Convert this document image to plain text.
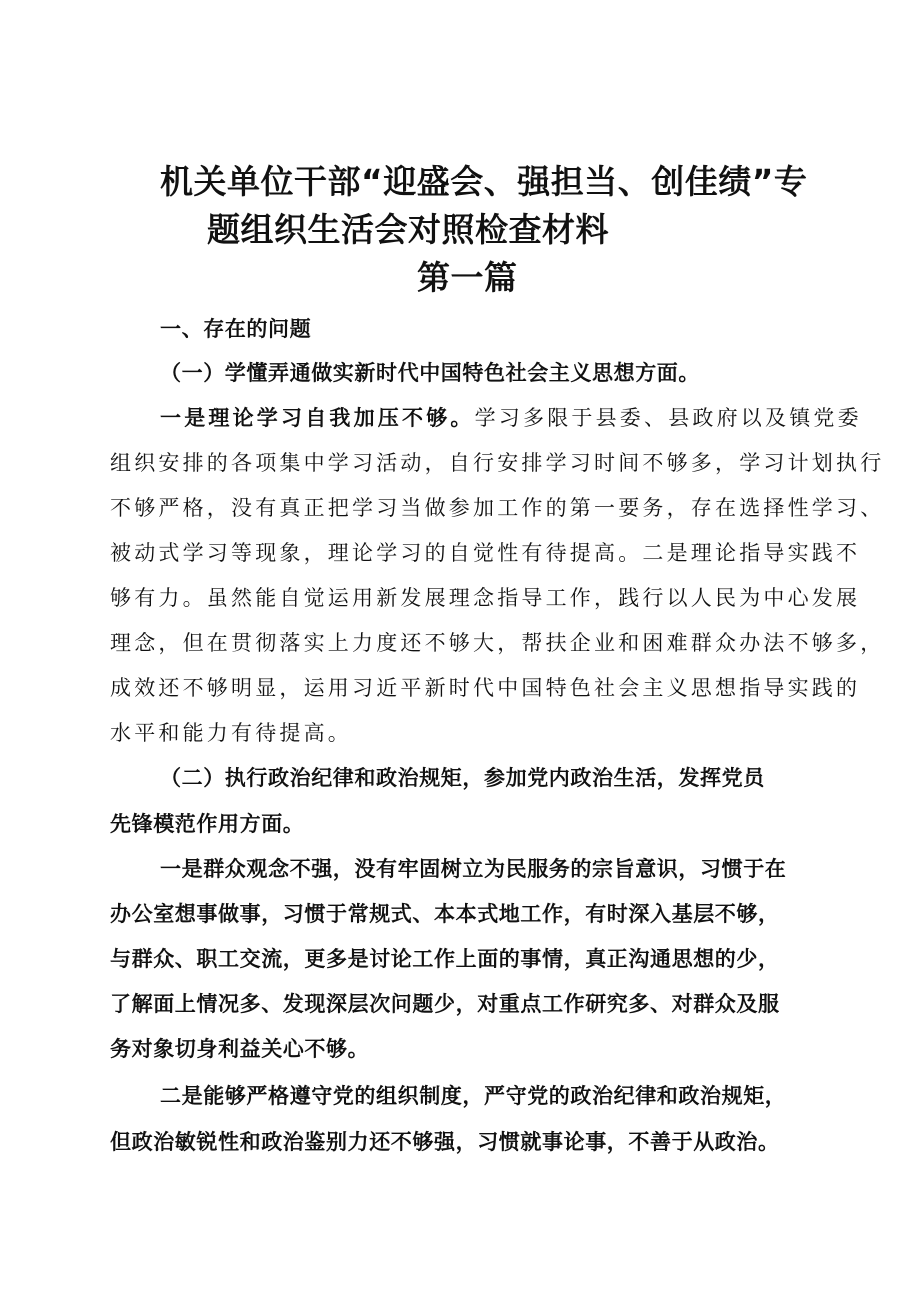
机关单位干部“迎盛会、强担当、创佳绩”专
题组织生活会对照检查材料
第一篇
一、存在的问题
（一）学懂弄通做实新时代中国特色社会主义思想方面。
一是理论学习自我加压不够。学习多限于县委、县政府以及镇党委
组织安排的各项集中学习活动，自行安排学习时间不够多，学习计划执行
不够严格，没有真正把学习当做参加工作的第一要务，存在选择性学习、
被动式学习等现象，理论学习的自觉性有待提高。二是理论指导实践不
够有力。虽然能自觉运用新发展理念指导工作，践行以人民为中心发展
理念，但在贯彻落实上力度还不够大，帮扶企业和困难群众办法不够多，
成效还不够明显，运用习近平新时代中国特色社会主义思想指导实践的
水平和能力有待提高。
（二）执行政治纪律和政治规矩，参加党内政治生活，发挥党员
先锋模范作用方面。
一是群众观念不强，没有牢固树立为民服务的宗旨意识，习惯于在
办公室想事做事，习惯于常规式、本本式地工作，有时深入基层不够，
与群众、职工交流，更多是讨论工作上面的事情，真正沟通思想的少，
了解面上情况多、发现深层次问题少，对重点工作研究多、对群众及服
务对象切身利益关心不够。
二是能够严格遵守党的组织制度，严守党的政治纪律和政治规矩，
但政治敏锐性和政治鉴别力还不够强，习惯就事论事，不善于从政治。
